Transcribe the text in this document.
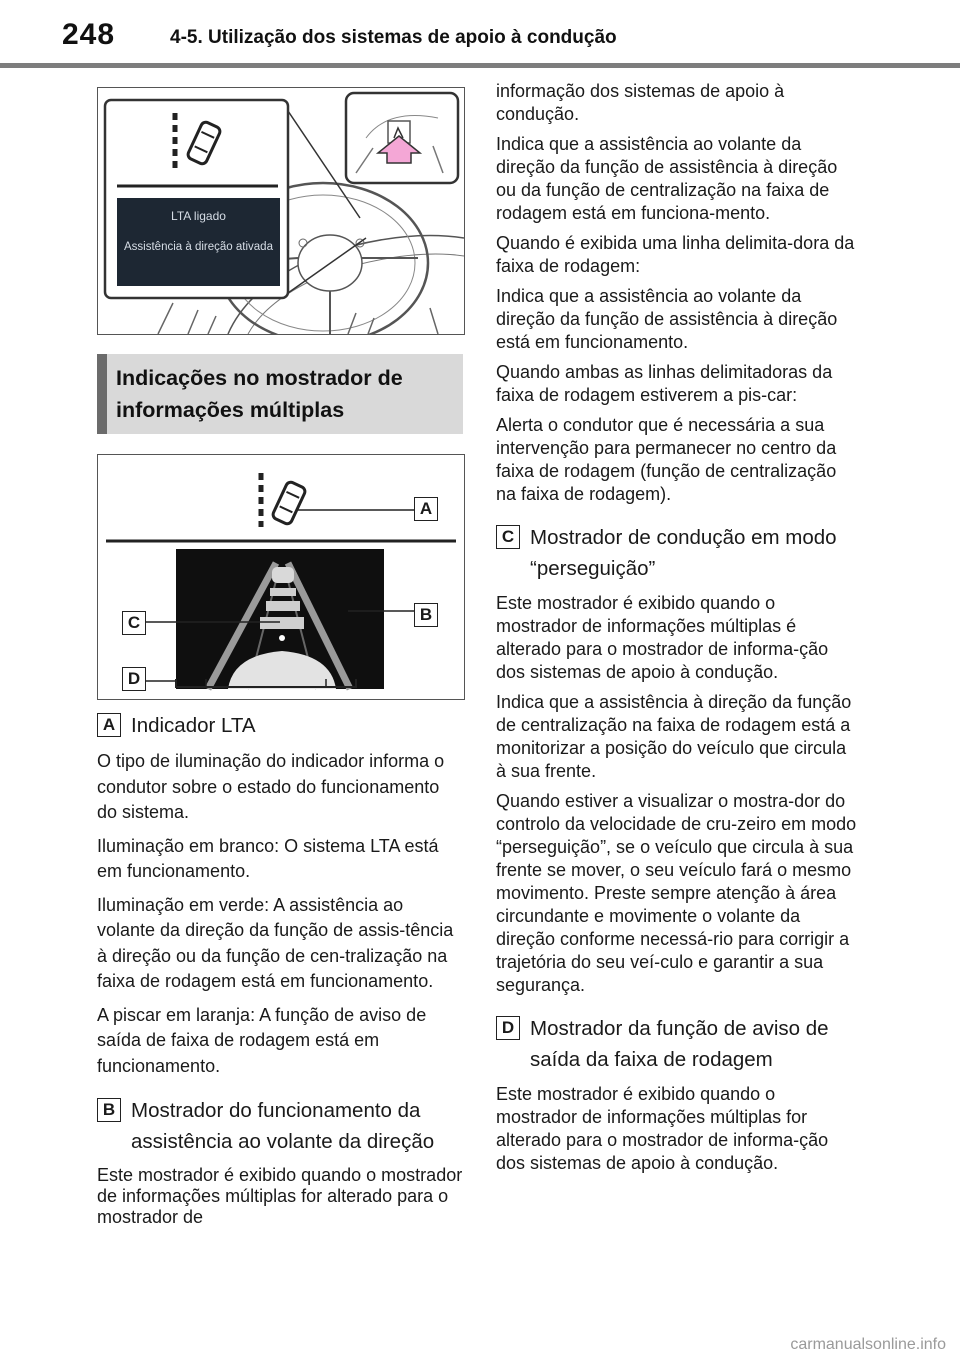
248	4-5. Utilização dos sistemas de apoio à condução
LTA ligado
Assistência à direção ativada
Indicações no mostrador de
informações múltiplas
A
B
C
D
A Indicador LTA

O tipo de iluminação do indicador informa o condutor sobre o estado do funcionamento do sistema.

Iluminação em branco: O sistema LTA está em funcionamento.

Iluminação em verde: A assistência ao volante da direção da função de assis-tência à direção ou da função de cen-tralização na faixa de rodagem está em funcionamento.

A piscar em laranja: A função de aviso de saída de faixa de rodagem está em funcionamento.

B Mostrador do funcionamento da assistência ao volante da direção

Este mostrador é exibido quando o mostrador de informações múltiplas for alterado para o mostrador de

informação dos sistemas de apoio à condução.

Indica que a assistência ao volante da direção da função de assistência à direção ou da função de centralização na faixa de rodagem está em funciona-mento.

Quando é exibida uma linha delimita-dora da faixa de rodagem:

Indica que a assistência ao volante da direção da função de assistência à direção está em funcionamento.

Quando ambas as linhas delimitadoras da faixa de rodagem estiverem a pis-car:

Alerta o condutor que é necessária a sua intervenção para permanecer no centro da faixa de rodagem (função de centralização na faixa de rodagem).

C Mostrador de condução em modo “perseguição”

Este mostrador é exibido quando o mostrador de informações múltiplas é alterado para o mostrador de informa-ção dos sistemas de apoio à condução.

Indica que a assistência à direção da função de centralização na faixa de rodagem está a monitorizar a posição do veículo que circula à sua frente.

Quando estiver a visualizar o mostra-dor do controlo da velocidade de cru-zeiro em modo “perseguição”, se o veículo que circula à sua frente se mover, o seu veículo fará o mesmo movimento. Preste sempre atenção à área circundante e movimente o volante da direção conforme necessá-rio para corrigir a trajetória do seu veí-culo e garantir a sua segurança.

D Mostrador da função de aviso de saída da faixa de rodagem

Este mostrador é exibido quando o mostrador de informações múltiplas for alterado para o mostrador de informa-ção dos sistemas de apoio à condução.

carmanualsonline.info
